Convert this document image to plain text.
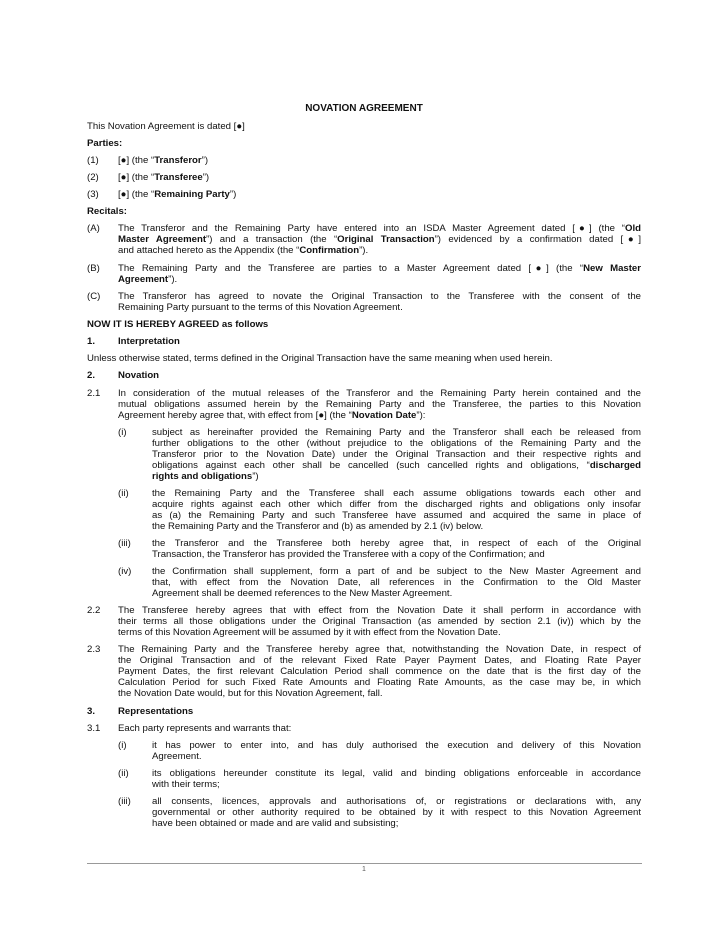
NOVATION AGREEMENT
This Novation Agreement is dated [●]
Parties:
(1) [●] (the “Transferor”)
(2) [●] (the “Transferee”)
(3) [●] (the “Remaining Party”)
Recitals:
(A) The Transferor and the Remaining Party have entered into an ISDA Master Agreement dated [●] (the “Old
Master Agreement”) and a transaction (the “Original Transaction”) evidenced by a confirmation dated [●]
and attached hereto as the Appendix (the “Confirmation”).
(B) The Remaining Party and the Transferee are parties to a Master Agreement dated [●] (the “New Master
Agreement”).
(C) The Transferor has agreed to novate the Original Transaction to the Transferee with the consent of the
Remaining Party pursuant to the terms of this Novation Agreement.
NOW IT IS HEREBY AGREED as follows
1. Interpretation
Unless otherwise stated, terms defined in the Original Transaction have the same meaning when used herein.
2. Novation
2.1 In consideration of the mutual releases of the Transferor and the Remaining Party herein contained and the
mutual obligations assumed herein by the Remaining Party and the Transferee, the parties to this Novation
Agreement hereby agree that, with effect from [●] (the “Novation Date”):
(i)	subject as hereinafter provided the Remaining Party and the Transferor shall each be released from
further obligations to the other (without prejudice to the obligations of the Remaining Party and the
Transferor prior to the Novation Date) under the Original Transaction and their respective rights and
obligations against each other shall be cancelled (such cancelled rights and obligations, “discharged
rights and obligations”)
(ii) the Remaining Party and the Transferee shall each assume obligations towards each other and
acquire rights against each other which differ from the discharged rights and obligations only insofar
as (a) the Remaining Party and such Transferee have assumed and acquired the same in place of
the Remaining Party and the Transferor and (b) as amended by 2.1 (iv) below.
(iii) the Transferor and the Transferee both hereby agree that, in respect of each of the Original
Transaction, the Transferor has provided the Transferee with a copy of the Confirmation; and
(iv) the Confirmation shall supplement, form a part of and be subject to the New Master Agreement and
that, with effect from the Novation Date, all references in the Confirmation to the Old Master
Agreement shall be deemed references to the New Master Agreement.
2.2 The Transferee hereby agrees that with effect from the Novation Date it shall perform in accordance with
their terms all those obligations under the Original Transaction (as amended by section 2.1 (iv)) which by the
terms of this Novation Agreement will be assumed by it with effect from the Novation Date.
2.3 The Remaining Party and the Transferee hereby agree that, notwithstanding the Novation Date, in respect of
the Original Transaction and of the relevant Fixed Rate Payer Payment Dates, and Floating Rate Payer
Payment Dates, the first relevant Calculation Period shall commence on the date that is the first day of the
Calculation Period for such Fixed Rate Amounts and Floating Rate Amounts, as the case may be, in which
the Novation Date would, but for this Novation Agreement, fall.
3. Representations
3.1 Each party represents and warrants that:
(i)	it has power to enter into, and has duly authorised the execution and delivery of this Novation
Agreement.
(ii) its obligations hereunder constitute its legal, valid and binding obligations enforceable in accordance
with their terms;
(iii) all consents, licences, approvals and authorisations of, or registrations or declarations with, any
governmental or other authority required to be obtained by it with respect to this Novation Agreement
have been obtained or made and are valid and subsisting;
1
